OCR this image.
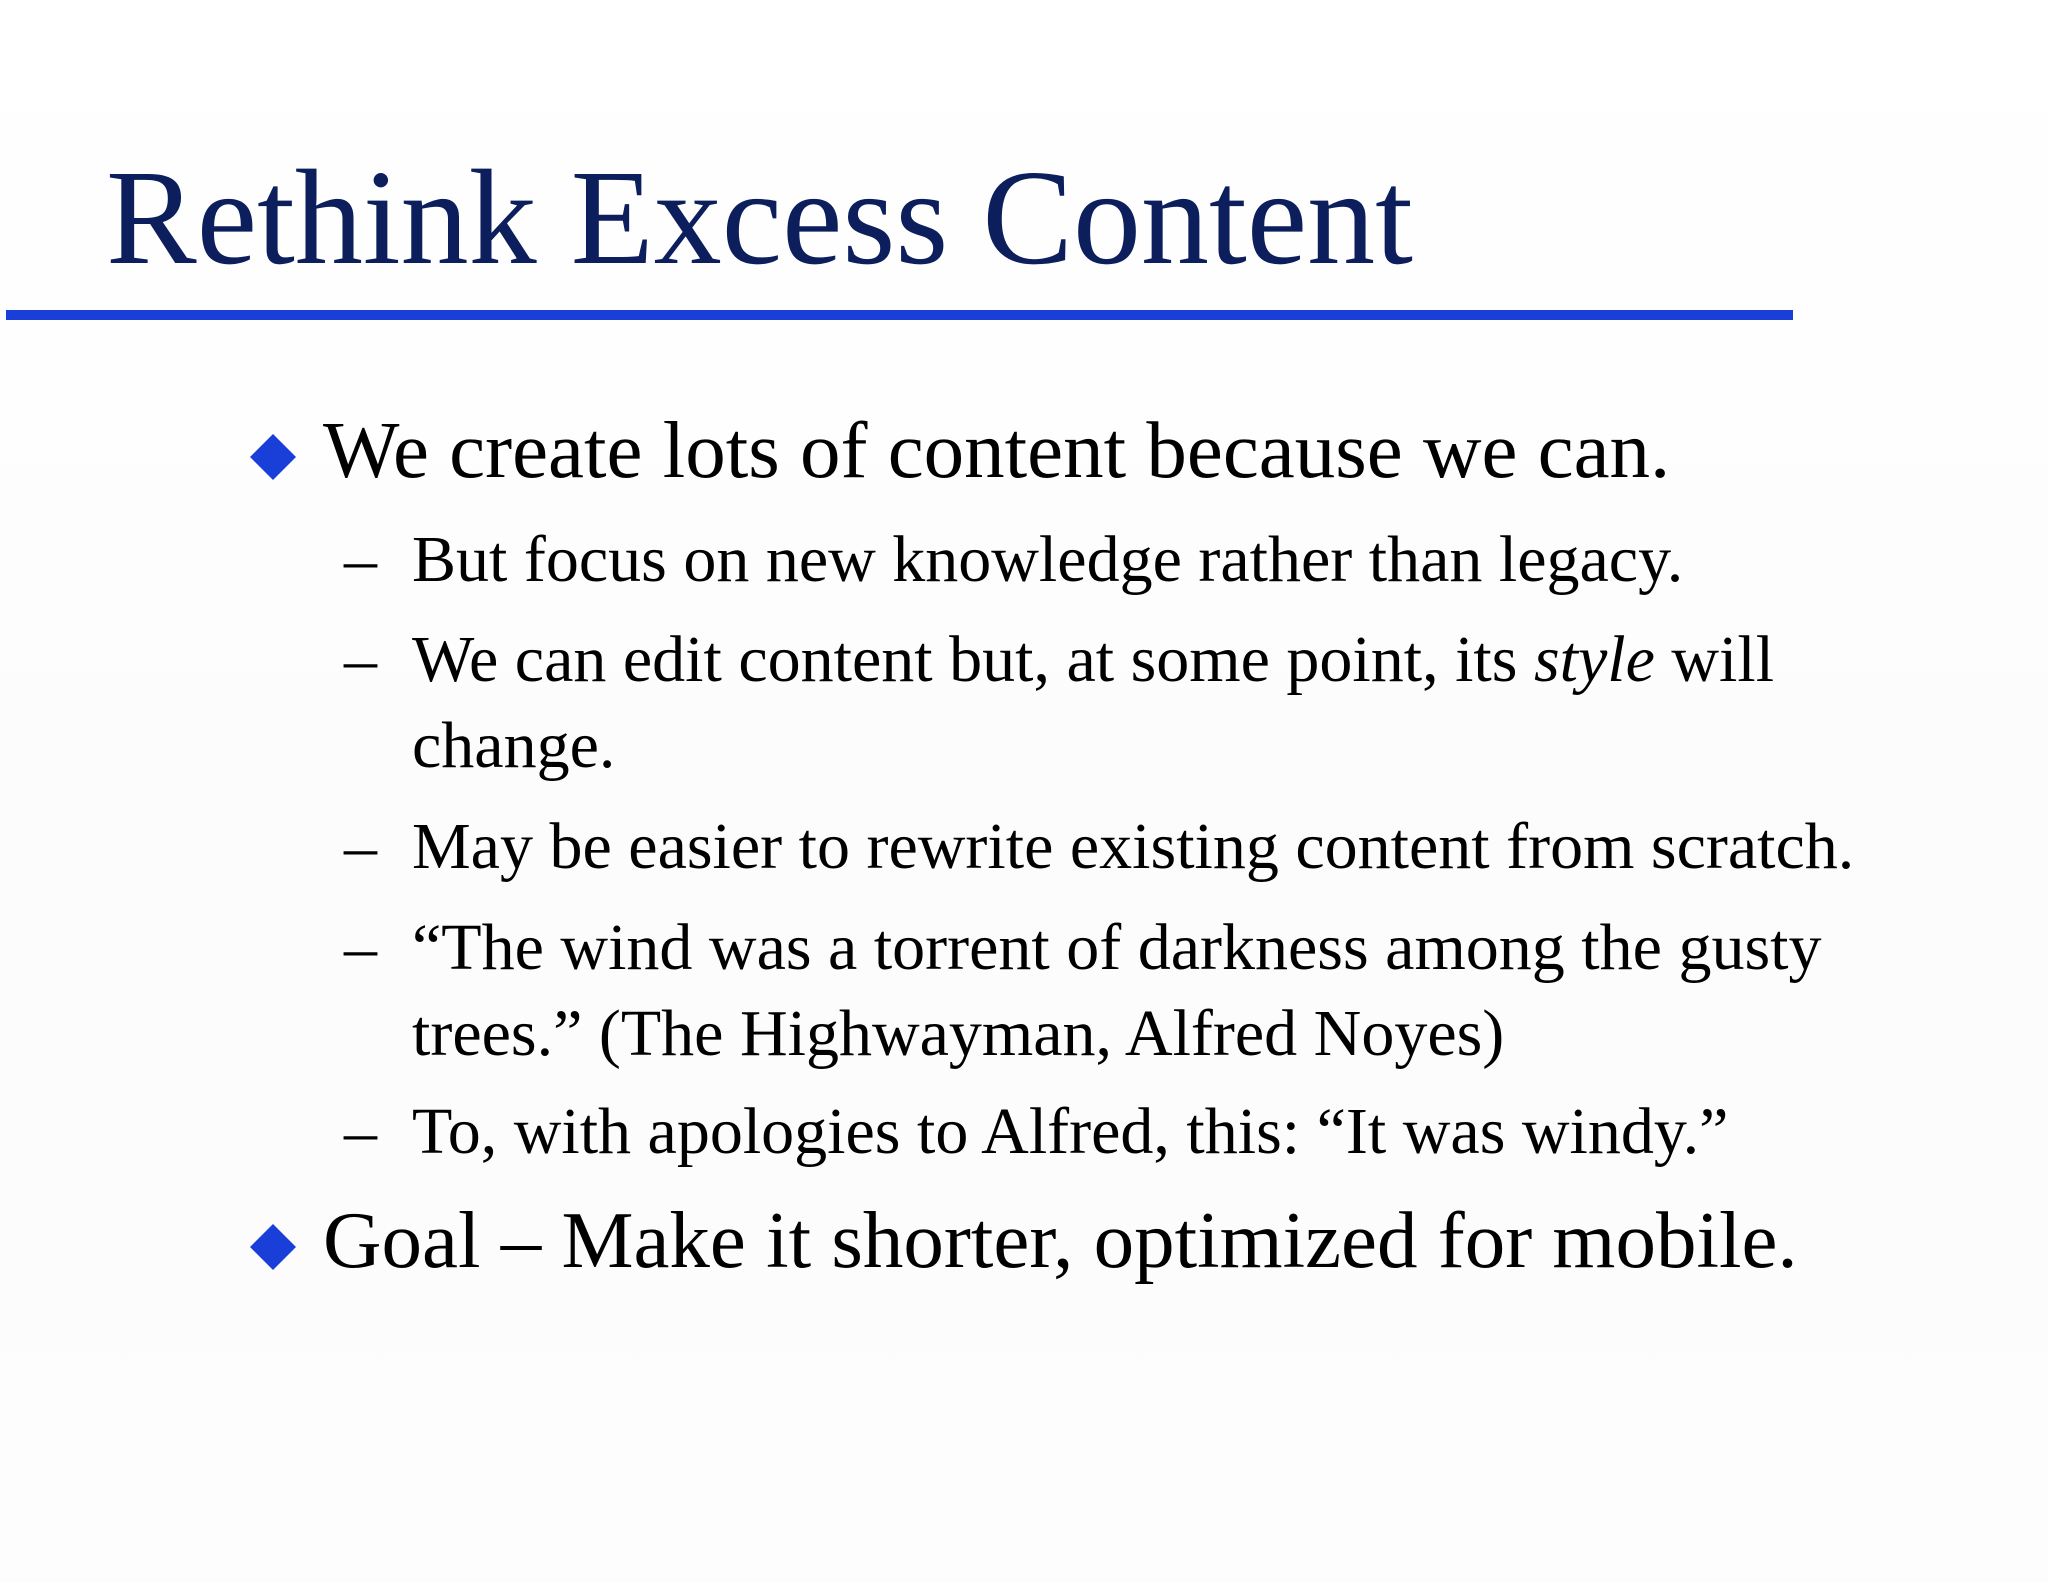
Rethink Excess Content
We create lots of content because we can.
– But focus on new knowledge rather than legacy.
– We can edit content but, at some point, its style will
change.
– May be easier to rewrite existing content from scratch.
– “The wind was a torrent of darkness among the gusty
trees.” (The Highwayman, Alfred Noyes)
– To, with apologies to Alfred, this: “It was windy.”
Goal – Make it shorter, optimized for mobile.
